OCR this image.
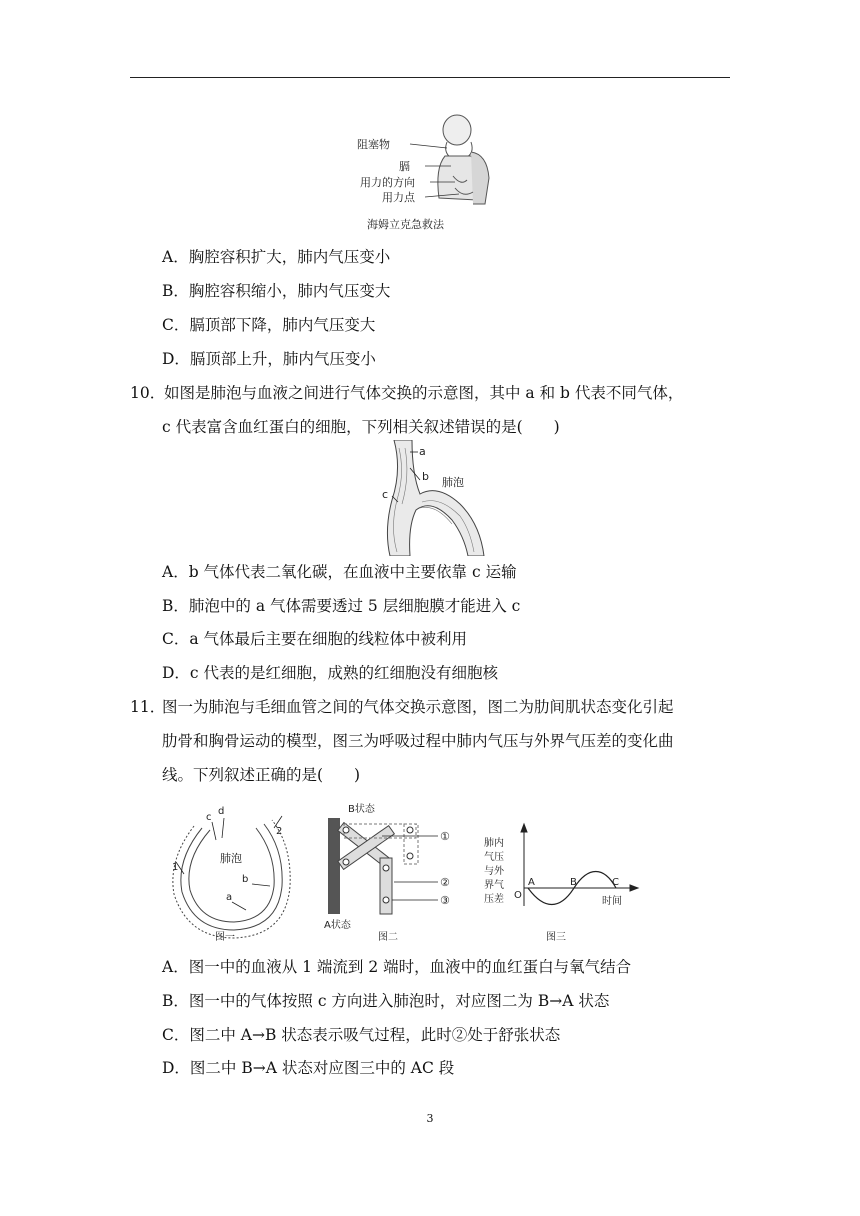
阻塞物
膈
用力的方向
用力点
海姆立克急救法
A．胸腔容积扩大，肺内气压变小
B．胸腔容积缩小，肺内气压变大
C．膈顶部下降，肺内气压变大
D．膈顶部上升，肺内气压变小
10．
如图是肺泡与血液之间进行气体交换的示意图，其中 a 和 b 代表不同气体，
c 代表富含血红蛋白的细胞，下列相关叙述错误的是(　　)
a
b
c
肺泡
A．b 气体代表二氧化碳，在血液中主要依靠 c 运输
B．肺泡中的 a 气体需要透过 5 层细胞膜才能进入 c
C．a 气体最后主要在细胞的线粒体中被利用
D．c 代表的是红细胞，成熟的红细胞没有细胞核
11．
图一为肺泡与毛细血管之间的气体交换示意图，图二为肋间肌状态变化引起
肋骨和胸骨运动的模型，图三为呼吸过程中肺内气压与外界气压差的变化曲
线。下列叙述正确的是(　　)
c
d
1
2
肺泡
b
a
图一
B状态
A状态
①
②
③
图二
肺内
气压
与外
界气
压差 O
A	B	C
时间
图三
A．图一中的血液从 1 端流到 2 端时，血液中的血红蛋白与氧气结合
B．图一中的气体按照 c 方向进入肺泡时，对应图二为 B→A 状态
C．图二中 A→B 状态表示吸气过程，此时②处于舒张状态
D．图二中 B→A 状态对应图三中的 AC 段
3
